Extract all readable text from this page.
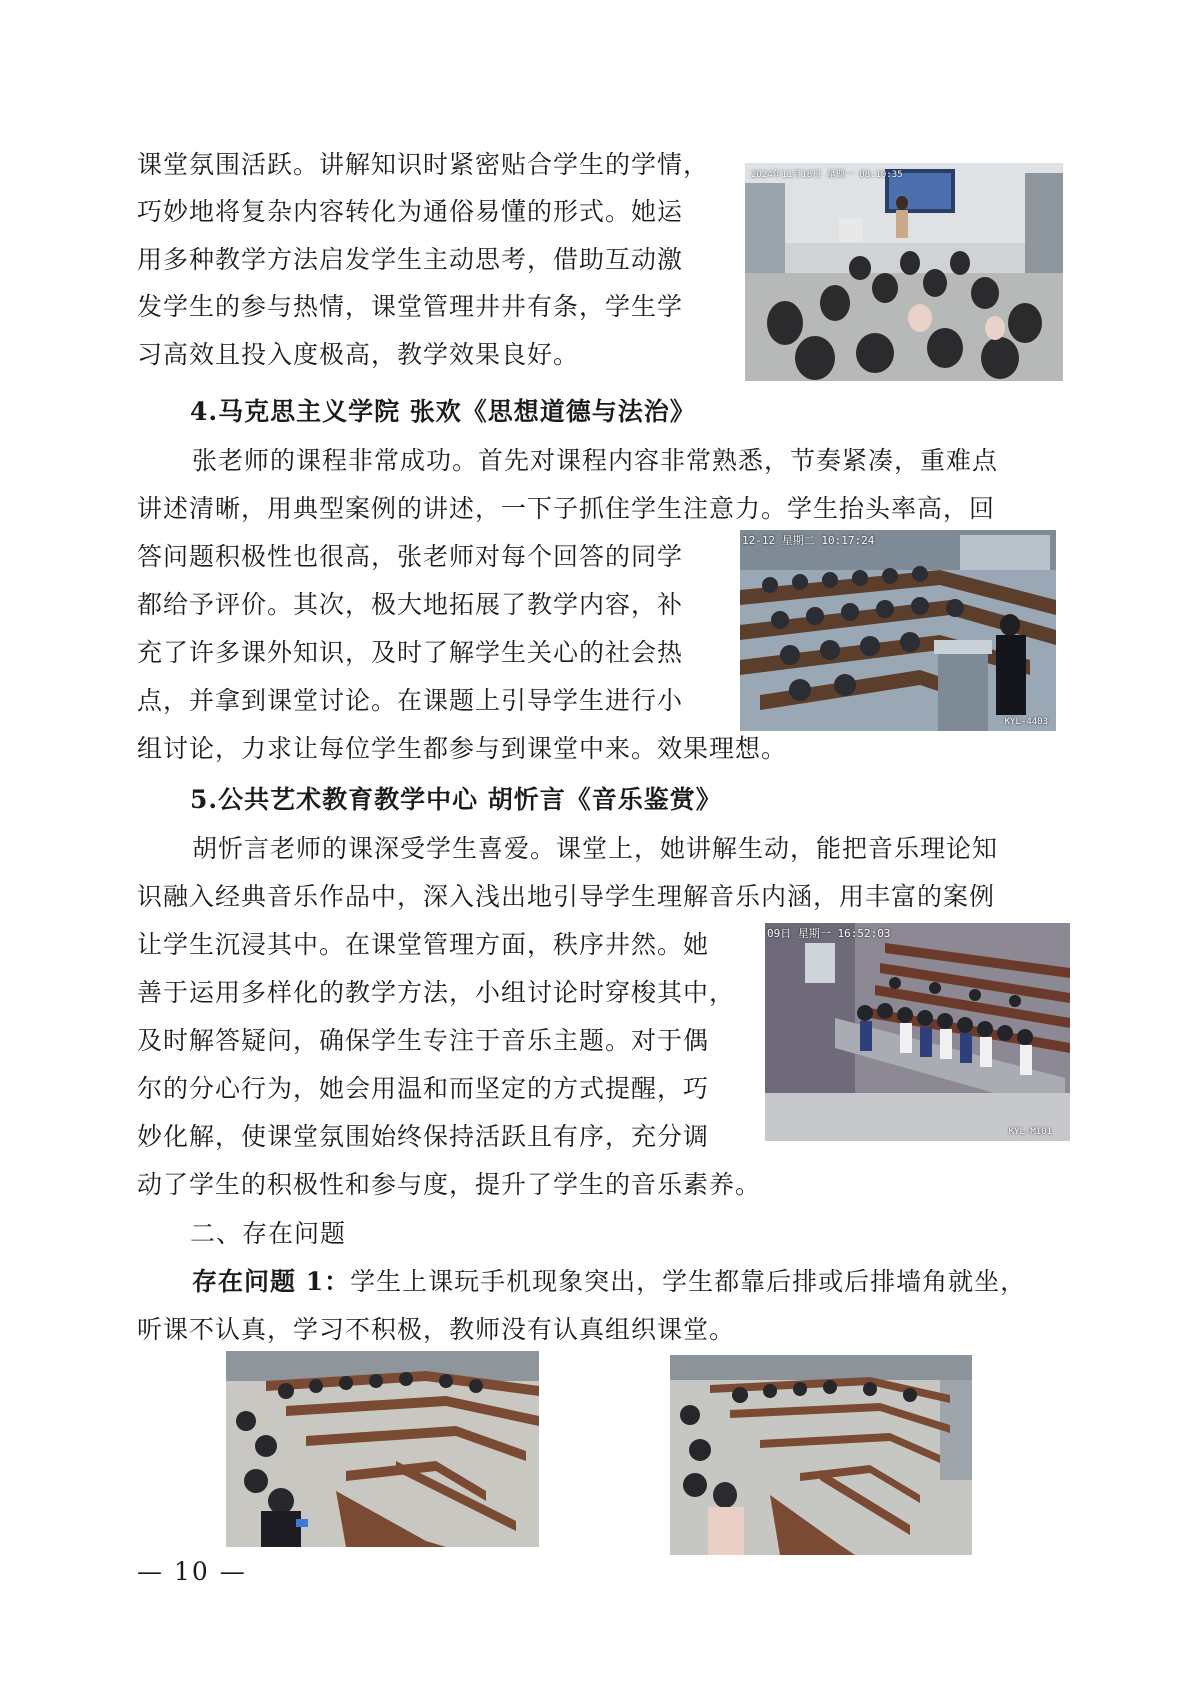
课堂氛围活跃。讲解知识时紧密贴合学生的学情，
巧妙地将复杂内容转化为通俗易懂的形式。她运
用多种教学方法启发学生主动思考，借助互动激
发学生的参与热情，课堂管理井井有条，学生学
习高效且投入度极高，教学效果良好。
2024年11月18日 星期一 08:10:35
4.马克思主义学院 张欢《思想道德与法治》
张老师的课程非常成功。首先对课程内容非常熟悉，节奏紧凑，重难点
讲述清晰，用典型案例的讲述，一下子抓住学生注意力。学生抬头率高，回
答问题积极性也很高，张老师对每个回答的同学
都给予评价。其次，极大地拓展了教学内容，补
充了许多课外知识，及时了解学生关心的社会热
点，并拿到课堂讨论。在课题上引导学生进行小
组讨论，力求让每位学生都参与到课堂中来。效果理想。
12-12 星期二 10:17:24
KYL-4403
5.公共艺术教育教学中心 胡忻言《音乐鉴赏》
胡忻言老师的课深受学生喜爱。课堂上，她讲解生动，能把音乐理论知
识融入经典音乐作品中，深入浅出地引导学生理解音乐内涵，用丰富的案例
让学生沉浸其中。在课堂管理方面，秩序井然。她
善于运用多样化的教学方法，小组讨论时穿梭其中，
及时解答疑问，确保学生专注于音乐主题。对于偶
尔的分心行为，她会用温和而坚定的方式提醒，巧
妙化解，使课堂氛围始终保持活跃且有序，充分调
动了学生的积极性和参与度，提升了学生的音乐素养。
09日 星期一 16:52:03
KYL-M101
二、存在问题
存在问题 1：学生上课玩手机现象突出，学生都靠后排或后排墙角就坐，
听课不认真，学习不积极，教师没有认真组织课堂。
— 10 —
